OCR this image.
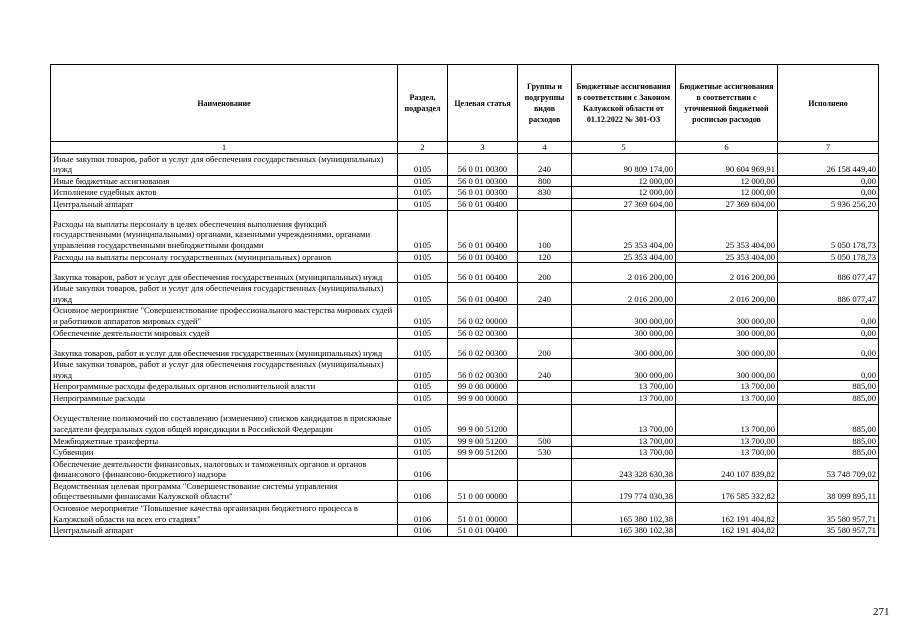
Наименование	Раздел, подраздел	Целевая статья	Группы и подгруппы видов расходов	Бюджетные ассигнования в соответствии с Законом Калужской области от 01.12.2022 № 301-ОЗ	Бюджетные ассигнования в соответствии с уточненной бюджетной росписью расходов	Исполнено
1	2	3	4	5	6	7
Иные закупки товаров, работ и услуг для обеспечения государственных (муниципальных) нужд	0105	56 0 01 00300	240	90 809 174,00	90 604 969,91	26 158 449,40
Иные бюджетные ассигнования	0105	56 0 01 00300	800	12 000,00	12 000,00	0,00
Исполнение судебных актов	0105	56 0 01 00300	830	12 000,00	12 000,00	0,00
Центральный аппарат	0105	56 0 01 00400		27 369 604,00	27 369 604,00	5 936 256,20
Расходы на выплаты персоналу в целях обеспечения выполнения функций государственными (муниципальными) органами, казенными учреждениями, органами управления государственными внебюджетными фондами	0105	56 0 01 00400	100	25 353 404,00	25 353 404,00	5 050 178,73
Расходы на выплаты персоналу государственных (муниципальных) органов	0105	56 0 01 00400	120	25 353 404,00	25 353 404,00	5 050 178,73
Закупка товаров, работ и услуг для обеспечения государственных (муниципальных) нужд	0105	56 0 01 00400	200	2 016 200,00	2 016 200,00	886 077,47
Иные закупки товаров, работ и услуг для обеспечения государственных (муниципальных) нужд	0105	56 0 01 00400	240	2 016 200,00	2 016 200,00	886 077,47
Основное мероприятие "Совершенствование профессионального мастерства мировых судей и работников аппаратов мировых судей"	0105	56 0 02 00000		300 000,00	300 000,00	0,00
Обеспечение деятельности мировых судей	0105	56 0 02 00300		300 000,00	300 000,00	0,00
Закупка товаров, работ и услуг для обеспечения государственных (муниципальных) нужд	0105	56 0 02 00300	200	300 000,00	300 000,00	0,00
Иные закупки товаров, работ и услуг для обеспечения государственных (муниципальных) нужд	0105	56 0 02 00300	240	300 000,00	300 000,00	0,00
Непрограммные расходы федеральных органов исполнительной власти	0105	99 0 00 00000		13 700,00	13 700,00	885,00
Непрограммные расходы	0105	99 9 00 00000		13 700,00	13 700,00	885,00
Осуществление полномочий по составлению (изменению) списков кандидатов в присяжные заседатели федеральных судов общей юрисдикции в Российской Федерации	0105	99 9 00 51200		13 700,00	13 700,00	885,00
Межбюджетные трансферты	0105	99 9 00 51200	500	13 700,00	13 700,00	885,00
Субвенции	0105	99 9 00 51200	530	13 700,00	13 700,00	885,00
Обеспечение деятельности финансовых, налоговых и таможенных органов и органов финансового (финансово-бюджетного) надзора	0106			243 328 630,38	240 107 839,82	53 748 709,02
Ведомственная целевая программа "Совершенствование системы управления общественными финансами Калужской области"	0106	51 0 00 00000		179 774 030,38	176 585 332,82	38 099 895,11
Основное мероприятие "Повышение качества организации бюджетного процесса в Калужской области на всех его стадиях"	0106	51 0 01 00000		165 380 102,38	162 191 404,82	35 580 957,71
Центральный аппарат	0106	51 0 01 00400		165 380 102,38	162 191 404,82	35 580 957,71
271
